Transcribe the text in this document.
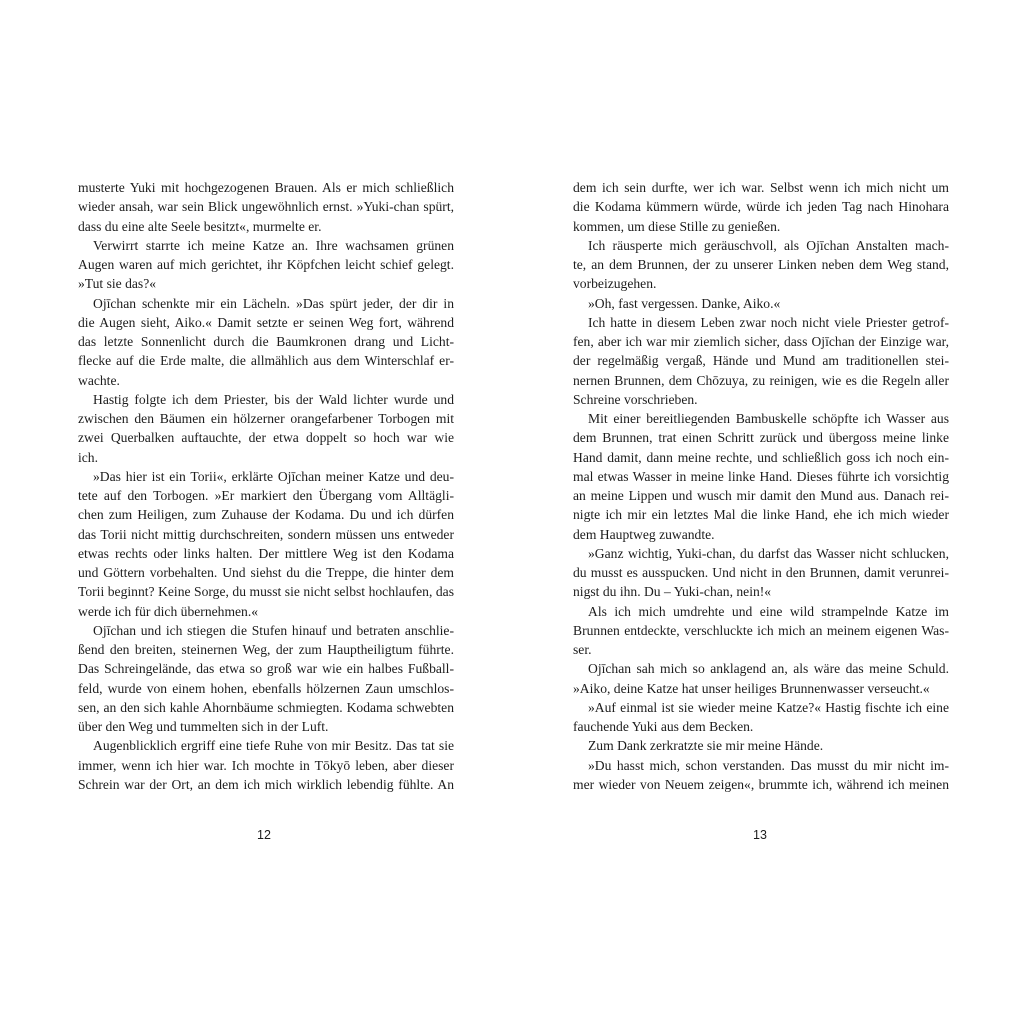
musterte Yuki mit hochgezogenen Brauen. Als er mich schließlich
wieder ansah, war sein Blick ungewöhnlich ernst. »Yuki-chan spürt,
dass du eine alte Seele besitzt«, murmelte er.
Verwirrt starrte ich meine Katze an. Ihre wachsamen grünen
Augen waren auf mich gerichtet, ihr Köpfchen leicht schief gelegt.
»Tut sie das?«
Ojīchan schenkte mir ein Lächeln. »Das spürt jeder, der dir in
die Augen sieht, Aiko.« Damit setzte er seinen Weg fort, während
das letzte Sonnenlicht durch die Baumkronen drang und Licht-
flecke auf die Erde malte, die allmählich aus dem Winterschlaf er-
wachte.
Hastig folgte ich dem Priester, bis der Wald lichter wurde und
zwischen den Bäumen ein hölzerner orangefarbener Torbogen mit
zwei Querbalken auftauchte, der etwa doppelt so hoch war wie
ich.
»Das hier ist ein Torii«, erklärte Ojīchan meiner Katze und deu-
tete auf den Torbogen. »Er markiert den Übergang vom Alltägli-
chen zum Heiligen, zum Zuhause der Kodama. Du und ich dürfen
das Torii nicht mittig durchschreiten, sondern müssen uns entweder
etwas rechts oder links halten. Der mittlere Weg ist den Kodama
und Göttern vorbehalten. Und siehst du die Treppe, die hinter dem
Torii beginnt? Keine Sorge, du musst sie nicht selbst hochlaufen, das
werde ich für dich übernehmen.«
Ojīchan und ich stiegen die Stufen hinauf und betraten anschlie-
ßend den breiten, steinernen Weg, der zum Hauptheiligtum führte.
Das Schreingelände, das etwa so groß war wie ein halbes Fußball-
feld, wurde von einem hohen, ebenfalls hölzernen Zaun umschlos-
sen, an den sich kahle Ahornbäume schmiegten. Kodama schwebten
über den Weg und tummelten sich in der Luft.
Augenblicklich ergriff eine tiefe Ruhe von mir Besitz. Das tat sie
immer, wenn ich hier war. Ich mochte in Tōkyō leben, aber dieser
Schrein war der Ort, an dem ich mich wirklich lebendig fühlte. An
dem ich sein durfte, wer ich war. Selbst wenn ich mich nicht um
die Kodama kümmern würde, würde ich jeden Tag nach Hinohara
kommen, um diese Stille zu genießen.
Ich räusperte mich geräuschvoll, als Ojīchan Anstalten mach-
te, an dem Brunnen, der zu unserer Linken neben dem Weg stand,
vorbeizugehen.
»Oh, fast vergessen. Danke, Aiko.«
Ich hatte in diesem Leben zwar noch nicht viele Priester getrof-
fen, aber ich war mir ziemlich sicher, dass Ojīchan der Einzige war,
der regelmäßig vergaß, Hände und Mund am traditionellen stei-
nernen Brunnen, dem Chōzuya, zu reinigen, wie es die Regeln aller
Schreine vorschrieben.
Mit einer bereitliegenden Bambuskelle schöpfte ich Wasser aus
dem Brunnen, trat einen Schritt zurück und übergoss meine linke
Hand damit, dann meine rechte, und schließlich goss ich noch ein-
mal etwas Wasser in meine linke Hand. Dieses führte ich vorsichtig
an meine Lippen und wusch mir damit den Mund aus. Danach rei-
nigte ich mir ein letztes Mal die linke Hand, ehe ich mich wieder
dem Hauptweg zuwandte.
»Ganz wichtig, Yuki-chan, du darfst das Wasser nicht schlucken,
du musst es ausspucken. Und nicht in den Brunnen, damit verunrei-
nigst du ihn. Du – Yuki-chan, nein!«
Als ich mich umdrehte und eine wild strampelnde Katze im
Brunnen entdeckte, verschluckte ich mich an meinem eigenen Was-
ser.
Ojīchan sah mich so anklagend an, als wäre das meine Schuld.
»Aiko, deine Katze hat unser heiliges Brunnenwasser verseucht.«
»Auf einmal ist sie wieder meine Katze?« Hastig fischte ich eine
fauchende Yuki aus dem Becken.
Zum Dank zerkratzte sie mir meine Hände.
»Du hasst mich, schon verstanden. Das musst du mir nicht im-
mer wieder von Neuem zeigen«, brummte ich, während ich meinen
12	13
